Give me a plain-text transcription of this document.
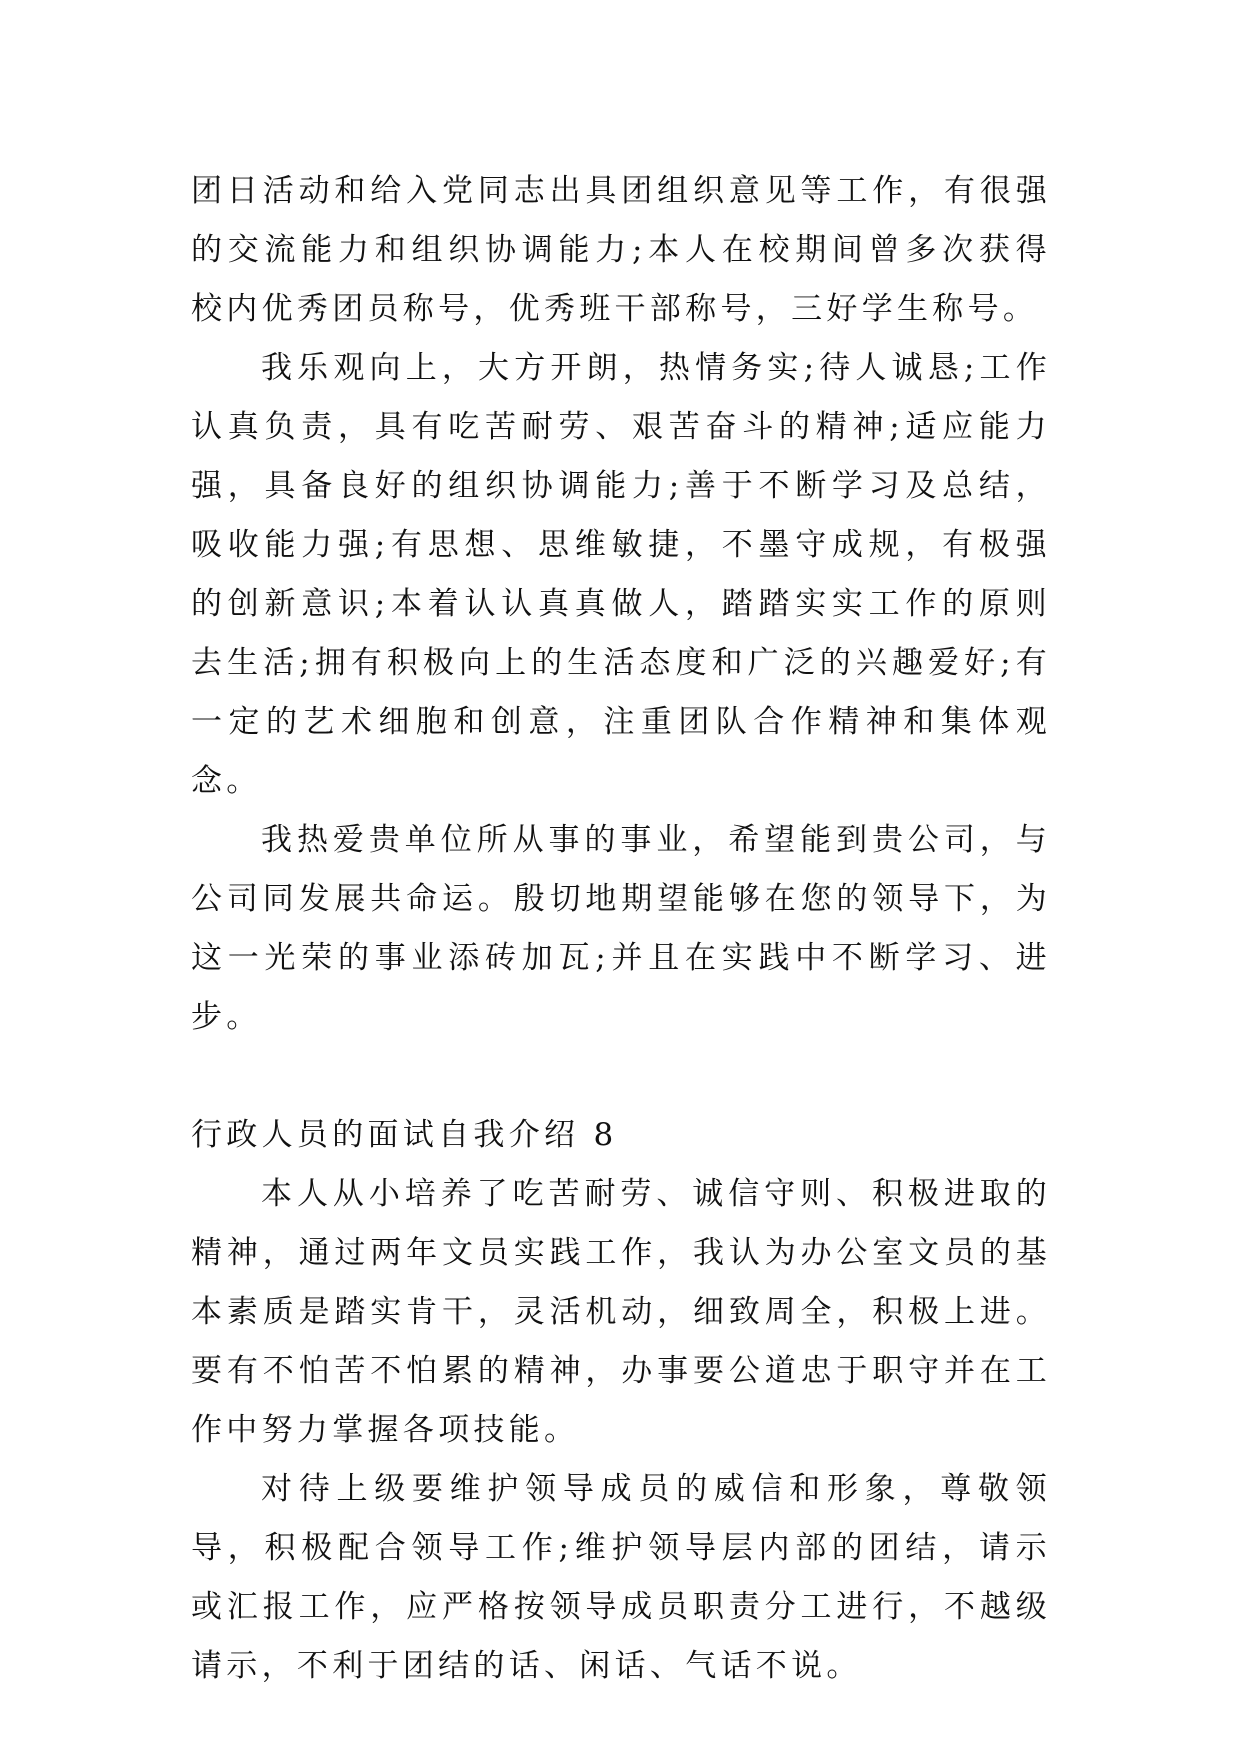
团日活动和给入党同志出具团组织意见等工作，有很强的交流能力和组织协调能力;本人在校期间曾多次获得校内优秀团员称号，优秀班干部称号，三好学生称号。

我乐观向上，大方开朗，热情务实;待人诚恳;工作认真负责，具有吃苦耐劳、艰苦奋斗的精神;适应能力强，具备良好的组织协调能力;善于不断学习及总结，吸收能力强;有思想、思维敏捷，不墨守成规，有极强的创新意识;本着认认真真做人，踏踏实实工作的原则去生活;拥有积极向上的生活态度和广泛的兴趣爱好;有一定的艺术细胞和创意，注重团队合作精神和集体观念。

我热爱贵单位所从事的事业，希望能到贵公司，与公司同发展共命运。殷切地期望能够在您的领导下，为这一光荣的事业添砖加瓦;并且在实践中不断学习、进步。

行政人员的面试自我介绍 8

本人从小培养了吃苦耐劳、诚信守则、积极进取的精神，通过两年文员实践工作，我认为办公室文员的基本素质是踏实肯干，灵活机动，细致周全，积极上进。要有不怕苦不怕累的精神，办事要公道忠于职守并在工作中努力掌握各项技能。

对待上级要维护领导成员的威信和形象，尊敬领导，积极配合领导工作;维护领导层内部的团结，请示或汇报工作，应严格按领导成员职责分工进行，不越级请示，不利于团结的话、闲话、气话不说。
